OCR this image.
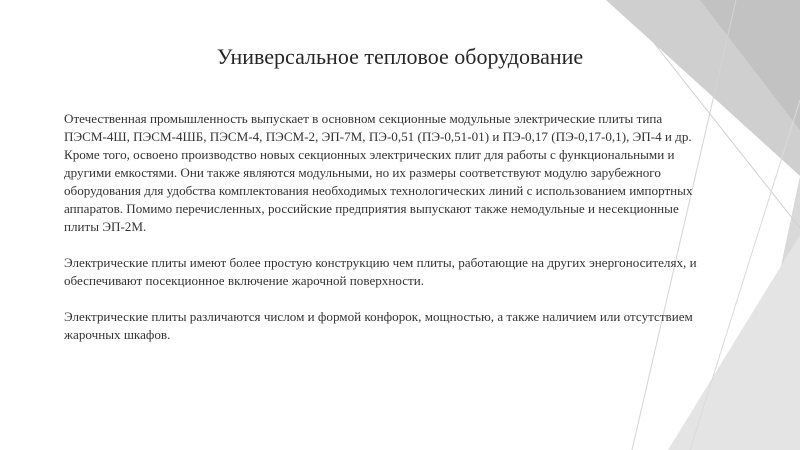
Универсальное тепловое оборудование

Отечественная промышленность выпускает в основном секционные модульные электрические плиты типа ПЭСМ-4Ш, ПЭСМ-4ШБ, ПЭСМ-4, ПЭСМ-2, ЭП-7М, ПЭ-0,51 (ПЭ-0,51-01) и ПЭ-0,17 (ПЭ-0,17-0,1), ЭП-4 и др. Кроме того, освоено производство новых секционных электрических плит для работы с функциональными и другими емкостями. Они также являются модульными, но их размеры соответствуют модулю зарубежного оборудования для удобства комплектования необходимых технологических линий с использованием импортных аппаратов. Помимо перечисленных, российские предприятия выпускают также немодульные и несекционные плиты ЭП-2М.

Электрические плиты имеют более простую конструкцию чем плиты, работающие на других энергоносителях, и обеспечивают посекционное включение жарочной поверхности.

Электрические плиты различаются числом и формой конфорок, мощностью, а также наличием или отсутствием жарочных шкафов.
